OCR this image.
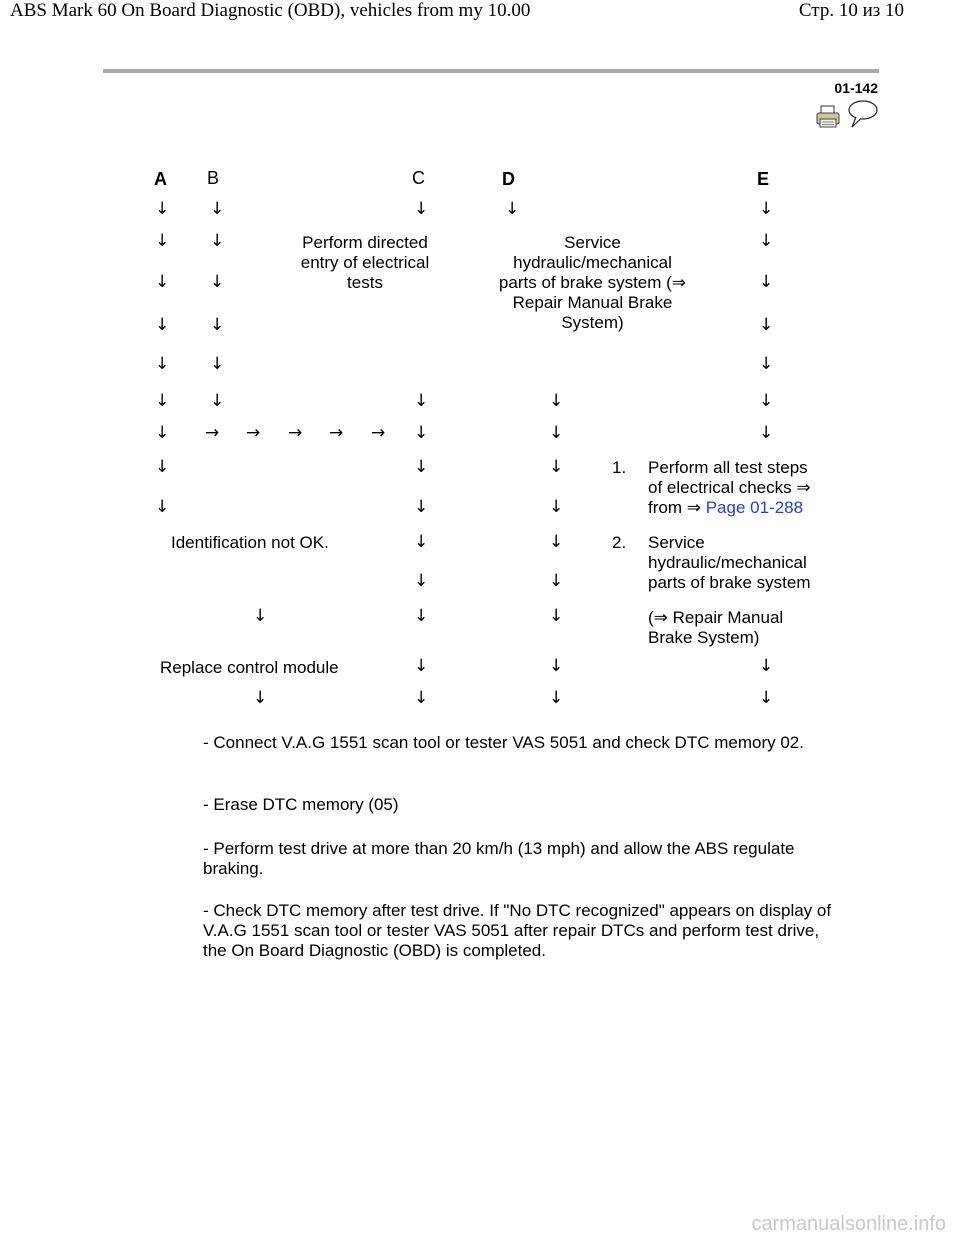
ABS Mark 60 On Board Diagnostic (OBD), vehicles from my 10.00	Стр. 10 из 10
01-142
A B	C	D	E
↓
↓
↓
↓
↓
↓
↓
↓
↓
↓
↓
↓
↓
↓
↓
→ → → → →
↓
↓
↓
↓
↓
↓
↓
↓
↓
↓
↓
↓
↓
↓
↓
↓
↓
↓
↓
↓
↓
↓
↓
↓
↓
↓
↓
↓
↓
↓
↓
Perform directed
entry of electrical
tests
Service
hydraulic/mechanical
parts of brake system (⇒
Repair Manual Brake
System)
1. Perform all test steps
of electrical checks ⇒
from ⇒ Page 01-288
2. Service
hydraulic/mechanical
parts of brake system
(⇒ Repair Manual
Brake System)
Identification not OK.
Replace control module
- Connect V.A.G 1551 scan tool or tester VAS 5051 and check DTC memory 02.
- Erase DTC memory (05)
- Perform test drive at more than 20 km/h (13 mph) and allow the ABS regulate braking.
- Check DTC memory after test drive. If "No DTC recognized" appears on display of V.A.G 1551 scan tool or tester VAS 5051 after repair DTCs and perform test drive, the On Board Diagnostic (OBD) is completed.
carmanualsonline.info
